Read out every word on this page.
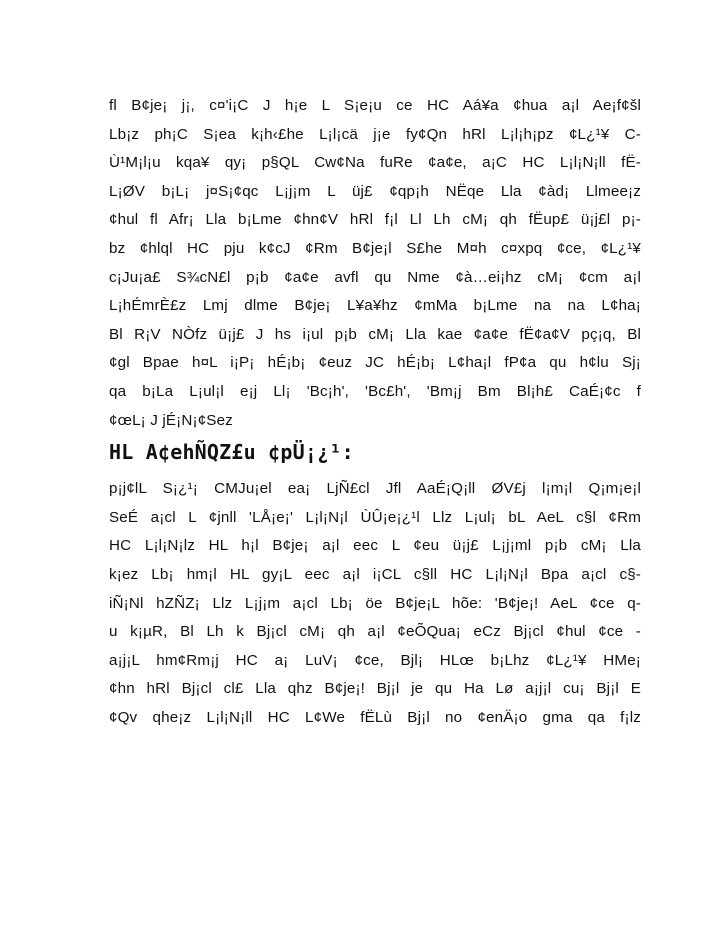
fl B¢je¡ j¡, c¤'i¡C J h¡e L S¡e¡u ce HC Aá¥a ¢hua a¡l Ae¡f¢šl
Lb¡z ph¡C S¡ea k¡h‹£he L¡l¡cä j¡e fy¢Qn hRl L¡l¡h¡pz ¢L¿¹¥ C-
Ù¹M¡l¡u kqa¥ qy¡ p§QL Cw¢Na fuRe ¢a¢e, a¡C HC L¡l¡N¡ll fË-
L¡ØV b¡L¡ j¤S¡¢qc L¡j¡m L üj£ ¢qp¡h NËqe Lla ¢àd¡ Llmee¡z
¢hul fl Afr¡ Lla b¡Lme ¢hn¢V hRl f¡l Ll Lh cM¡ qh fËup£ ü¡j£l p¡-
bz ¢hlql HC pju k¢cJ ¢Rm B¢je¡l S£he M¤h c¤xpq ¢ce, ¢L¿¹¥
c¡Ju¡a£ S¾cN£l p¡b ¢a¢e avfl qu Nme ¢à…ei¡hz cM¡ ¢cm a¡l
L¡hÉmrÈ£z Lmj dlme B¢je¡ L¥a¥hz ¢mMa b¡Lme na na L¢ha¡
Bl R¡V NÒfz ü¡j£ J hs i¡ul p¡b cM¡ Lla kae ¢a¢e fË¢a¢V pç¡q, Bl
¢gl Bpae h¤L i¡P¡ hÉ¡b¡ ¢euz JC hÉ¡b¡ L¢ha¡l fP¢a qu h¢lu Sj¡
qa b¡La L¡ul¡l e¡j Ll¡ 'Bc¡h', 'Bc£h', 'Bm¡j Bm Bl¡h£ CaÉ¡¢c f
¢œL¡ J jÉ¡N¡¢Sez
HL A¢ehÑQZ£u ¢pÜ¡¿¹:
p¡j¢lL S¡¿¹¡ CMJu¡el ea¡ LjÑ£cl Jfl AaÉ¡Q¡ll ØV£j l¡m¡l Q¡m¡e¡l
SeÉ a¡cl L ¢jnll 'LÅ¡e¡' L¡l¡N¡l ÙÛ¡e¡¿¹l Llz L¡ul¡ bL AeL c§l ¢Rm
HC L¡l¡N¡lz HL h¡l B¢je¡ a¡l eec L ¢eu ü¡j£ L¡j¡ml p¡b cM¡ Lla
k¡ez Lb¡ hm¡l HL gy¡L eec a¡l i¡CL c§ll HC L¡l¡N¡l Bpa a¡cl c§-
iÑ¡Nl hZÑZ¡ Llz L¡j¡m a¡cl Lb¡ öe B¢je¡L hõe: 'B¢je¡! AeL ¢ce q-
u k¡µR, Bl Lh k Bj¡cl cM¡ qh a¡l ¢eÕQua¡ eCz Bj¡cl ¢hul ¢ce -
a¡j¡L hm¢Rm¡j HC a¡ LuV¡ ¢ce, Bjl¡ HLœ b¡Lhz ¢L¿¹¥ HMe¡
¢hn hRl Bj¡cl cl£ Lla qhz B¢je¡! Bj¡l je qu Ha Lø a¡j¡l cu¡ Bj¡l E
¢Qv qhe¡z L¡l¡N¡ll HC L¢We fËLù Bj¡l no ¢enÄ¡o gma qa f¡lz
